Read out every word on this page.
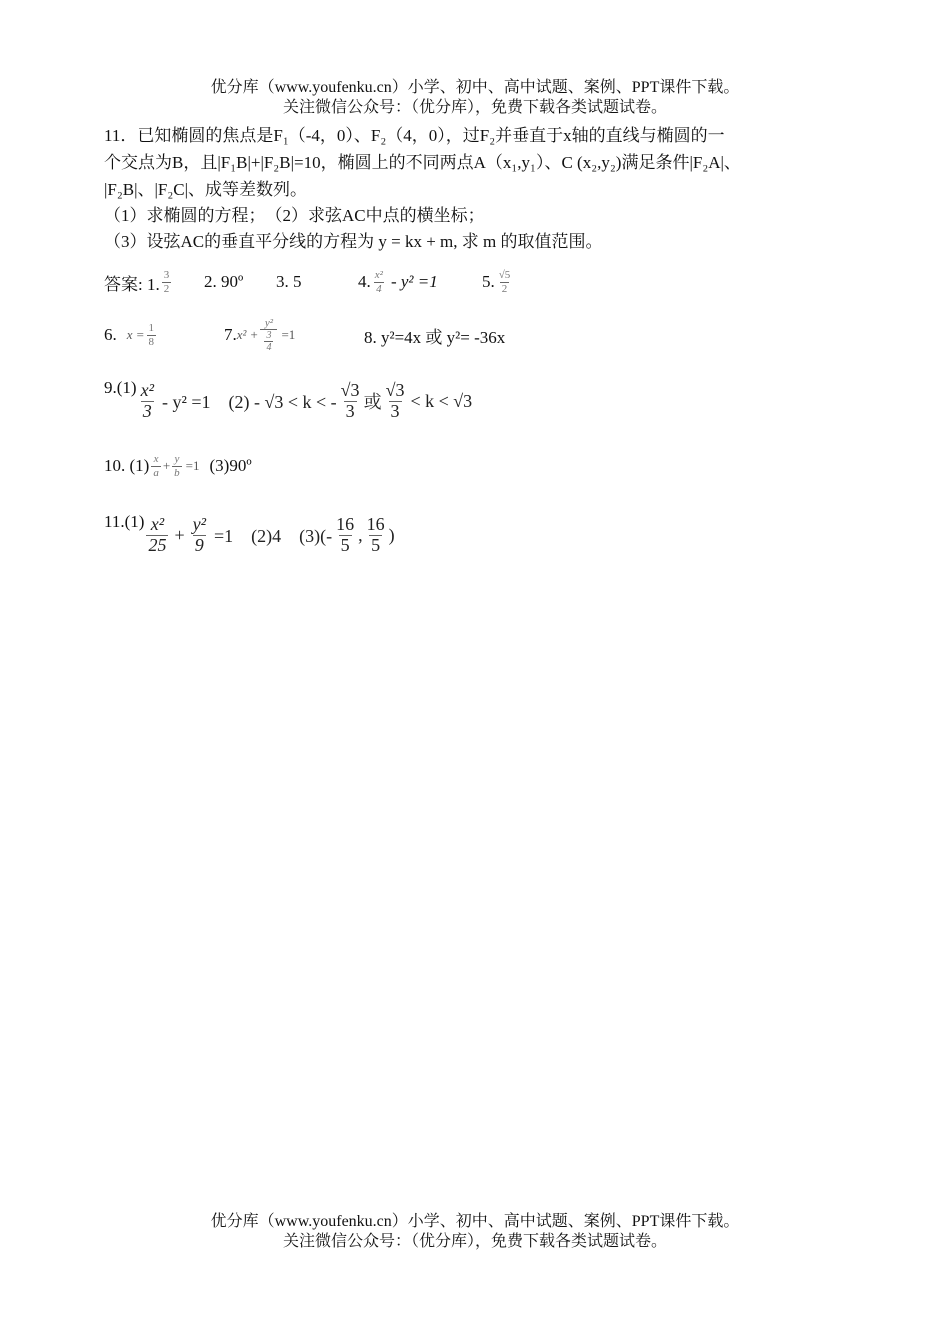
优分库（www.youfenku.cn）小学、初中、高中试题、案例、PPT课件下载。
关注微信公众号：（优分库），免费下载各类试题试卷。
11．已知椭圆的焦点是F₁（-4，0）、F₂（4，0），过F₂并垂直于x轴的直线与椭圆的一
个交点为B，且|F₁B|+|F₂B|=10，椭圆上的不同两点A（x₁,y₁）、C (x₂,y₂)满足条件|F₂A|、
|F₂B|、|F₂C|、成等差数列。
（1）求椭圆的方程；　（2）求弦AC中点的横坐标；
（3）设弦AC的垂直平分线的方程为 y = kx + m, 求 m 的取值范围。
答案: 1. $\frac{3}{2} 2$. 90º 3. 5	4. $\frac{\text{x²}}{4} - y^2 =1$	5. $\frac{√5}{2}$
6. $x = \frac{1}{8}$	7. $x^2 + \frac{\text{y²}}{\frac{3}{4}} =1$	8. y²=4x 或 y²= -36x
$9.(1) \frac{\text{x²}}{3} - y^2 =1$　(2) - √3 < k < - $\frac{√3}{3}$ 或 $\frac{√3}{3} < k < √3$
10. $(1) \frac{x}{a} + \frac{y}{b} =1$ (3)90º
$11.(1) \frac{\text{x²}}{25} + \frac{\text{y²}}{9} =1$　(2)4　$(3)(- \frac{16}{5}$ , $\frac{16}{5}$ )
优分库（www.youfenku.cn）小学、初中、高中试题、案例、PPT课件下载。
关注微信公众号：（优分库），免费下载各类试题试卷。
